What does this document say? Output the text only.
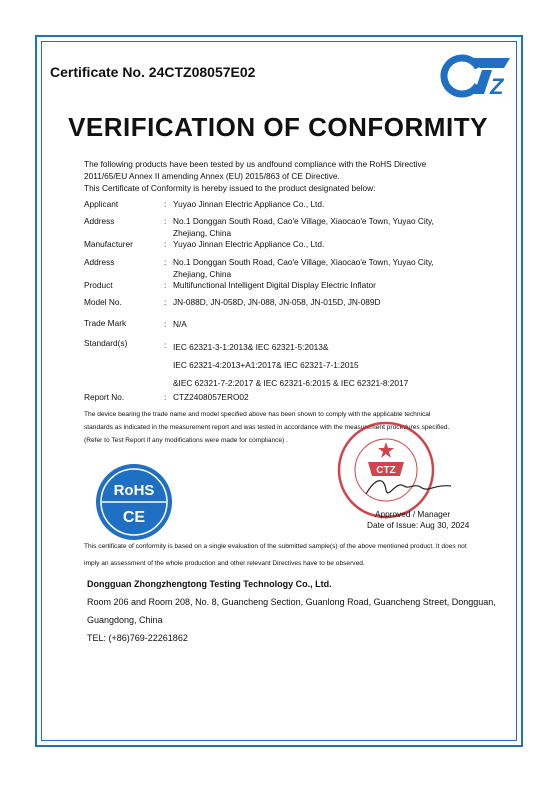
Certificate No. 24CTZ08057E02
Z
VERIFICATION OF CONFORMITY
The following products have been tested by us andfound compliance with the RoHS Directive
2011/65/EU Annex II amending Annex (EU) 2015/863 of CE Directive.
This Certificate of Conformity is hereby issued to the product designated below:
Applicant	: Yuyao Jinnan Electric Appliance Co., Ltd.
Address	: No.1 Donggan South Road, Cao'e Village, Xiaocao'e Town, Yuyao City,
Zhejiang, China
Manufacturer	: Yuyao Jinnan Electric Appliance Co., Ltd.
Address	: No.1 Donggan South Road, Cao'e Village, Xiaocao'e Town, Yuyao City,
Zhejiang, China
Product	: Multifunctional Intelligent Digital Display Electric Inflator
Model No.	: JN-088D, JN-058D, JN-088, JN-058, JN-015D, JN-089D
Trade Mark	: N/A
Standard(s)	: IEC 62321-3-1:2013& IEC 62321-5:2013&
IEC 62321-4:2013+A1:2017& IEC 62321-7-1:2015
&IEC 62321-7-2:2017 & IEC 62321-6:2015 & IEC 62321-8:2017
Report No.	: CTZ2408057ERO02
The device bearing the trade name and model specified above has been shown to comply with the applicable technical
standards as indicated in the measurement report and was tested in accordance with the measurement procedures specified.
(Refer to Test Report if any modifications were made for compliance) .
RoHS
CE
CTZ
Approved / Manager
Date of Issue: Aug 30, 2024
This certificate of conformity is based on a single evaluation of the submitted sample(s) of the above mentioned product. It does not
imply an assessment of the whole production and other relevant Directives have to be observed.
Dongguan Zhongzhengtong Testing Technology Co., Ltd.
Room 206 and Room 208, No. 8, Guancheng Section, Guanlong Road, Guancheng Street, Dongguan,
Guangdong, China
TEL: (+86)769-22261862
